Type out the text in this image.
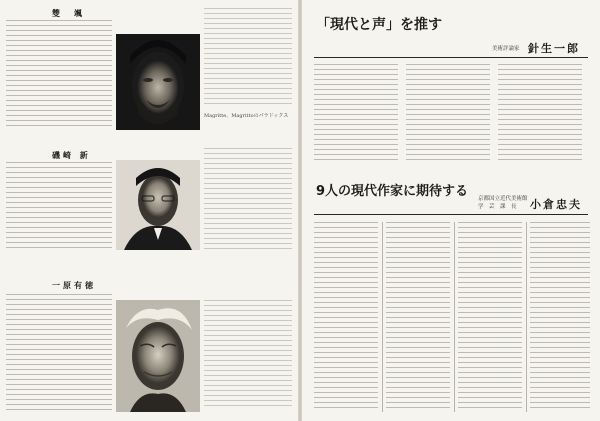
雙　颯
磯崎 新
一原有徳
Magritte、Magrittoのパラドックス
「現代と声」を推す
美術評論家 針生一郎
9人の現代作家に期待する 京都国立近代美術館
学　芸　課　長 小倉忠夫
